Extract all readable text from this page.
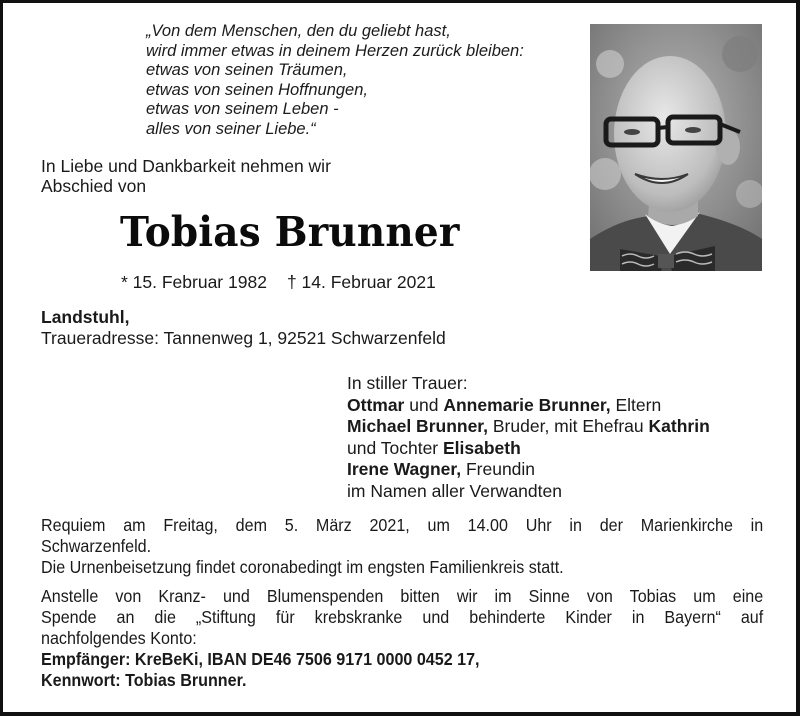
„Von dem Menschen, den du geliebt hast,
wird immer etwas in deinem Herzen zurück bleiben:
etwas von seinen Träumen,
etwas von seinen Hoffnungen,
etwas von seinem Leben -
alles von seiner Liebe.“
In Liebe und Dankbarkeit nehmen wir
Abschied von
Tobias Brunner
* 15. Februar 1982 † 14. Februar 2021
Landstuhl,
Traueradresse: Tannenweg 1, 92521 Schwarzenfeld
In stiller Trauer:
Ottmar und Annemarie Brunner, Eltern
Michael Brunner, Bruder, mit Ehefrau Kathrin
und Tochter Elisabeth
Irene Wagner, Freundin
im Namen aller Verwandten
Requiem am Freitag, dem 5. März 2021, um 14.00 Uhr in der Marienkirche in
Schwarzenfeld.
Die Urnenbeisetzung findet coronabedingt im engsten Familienkreis statt.
Anstelle von Kranz- und Blumenspenden bitten wir im Sinne von Tobias um eine
Spende an die „Stiftung für krebskranke und behinderte Kinder in Bayern“ auf
nachfolgendes Konto:
Empfänger: KreBeKi, IBAN DE46 7506 9171 0000 0452 17,
Kennwort: Tobias Brunner.
